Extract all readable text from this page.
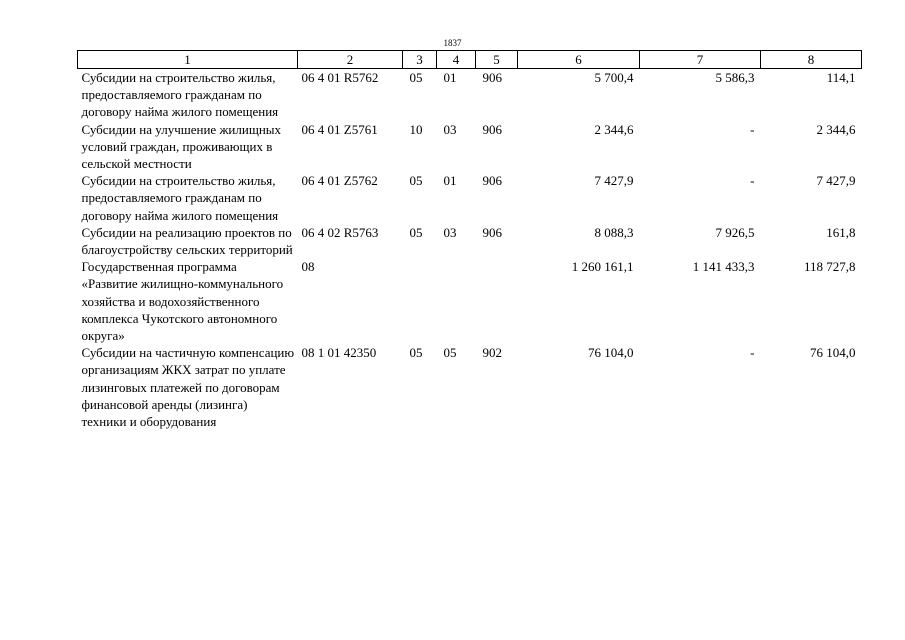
1837
1	2	3	4	5	6	7	8
Субсидии на строительство жилья, предоставляемого гражданам по договору найма жилого помещения	06 4 01 R5762	05	01	906	5 700,4	5 586,3	114,1
Субсидии на улучшение жилищных условий граждан, проживающих в сельской местности	06 4 01 Z5761	10	03	906	2 344,6	-	2 344,6
Субсидии на строительство жилья, предоставляемого гражданам по договору найма жилого помещения	06 4 01 Z5762	05	01	906	7 427,9	-	7 427,9
Субсидии на реализацию проектов по благоустройству сельских территорий	06 4 02 R5763	05	03	906	8 088,3	7 926,5	161,8
Государственная программа «Развитие жилищно-коммунального хозяйства и водохозяйственного комплекса Чукотского автономного округа»	08				1 260 161,1	1 141 433,3	118 727,8
Субсидии на частичную компенсацию организациям ЖКХ затрат по уплате лизинговых платежей по договорам финансовой аренды (лизинга) техники и оборудования	08 1 01 42350	05	05	902	76 104,0	-	76 104,0
